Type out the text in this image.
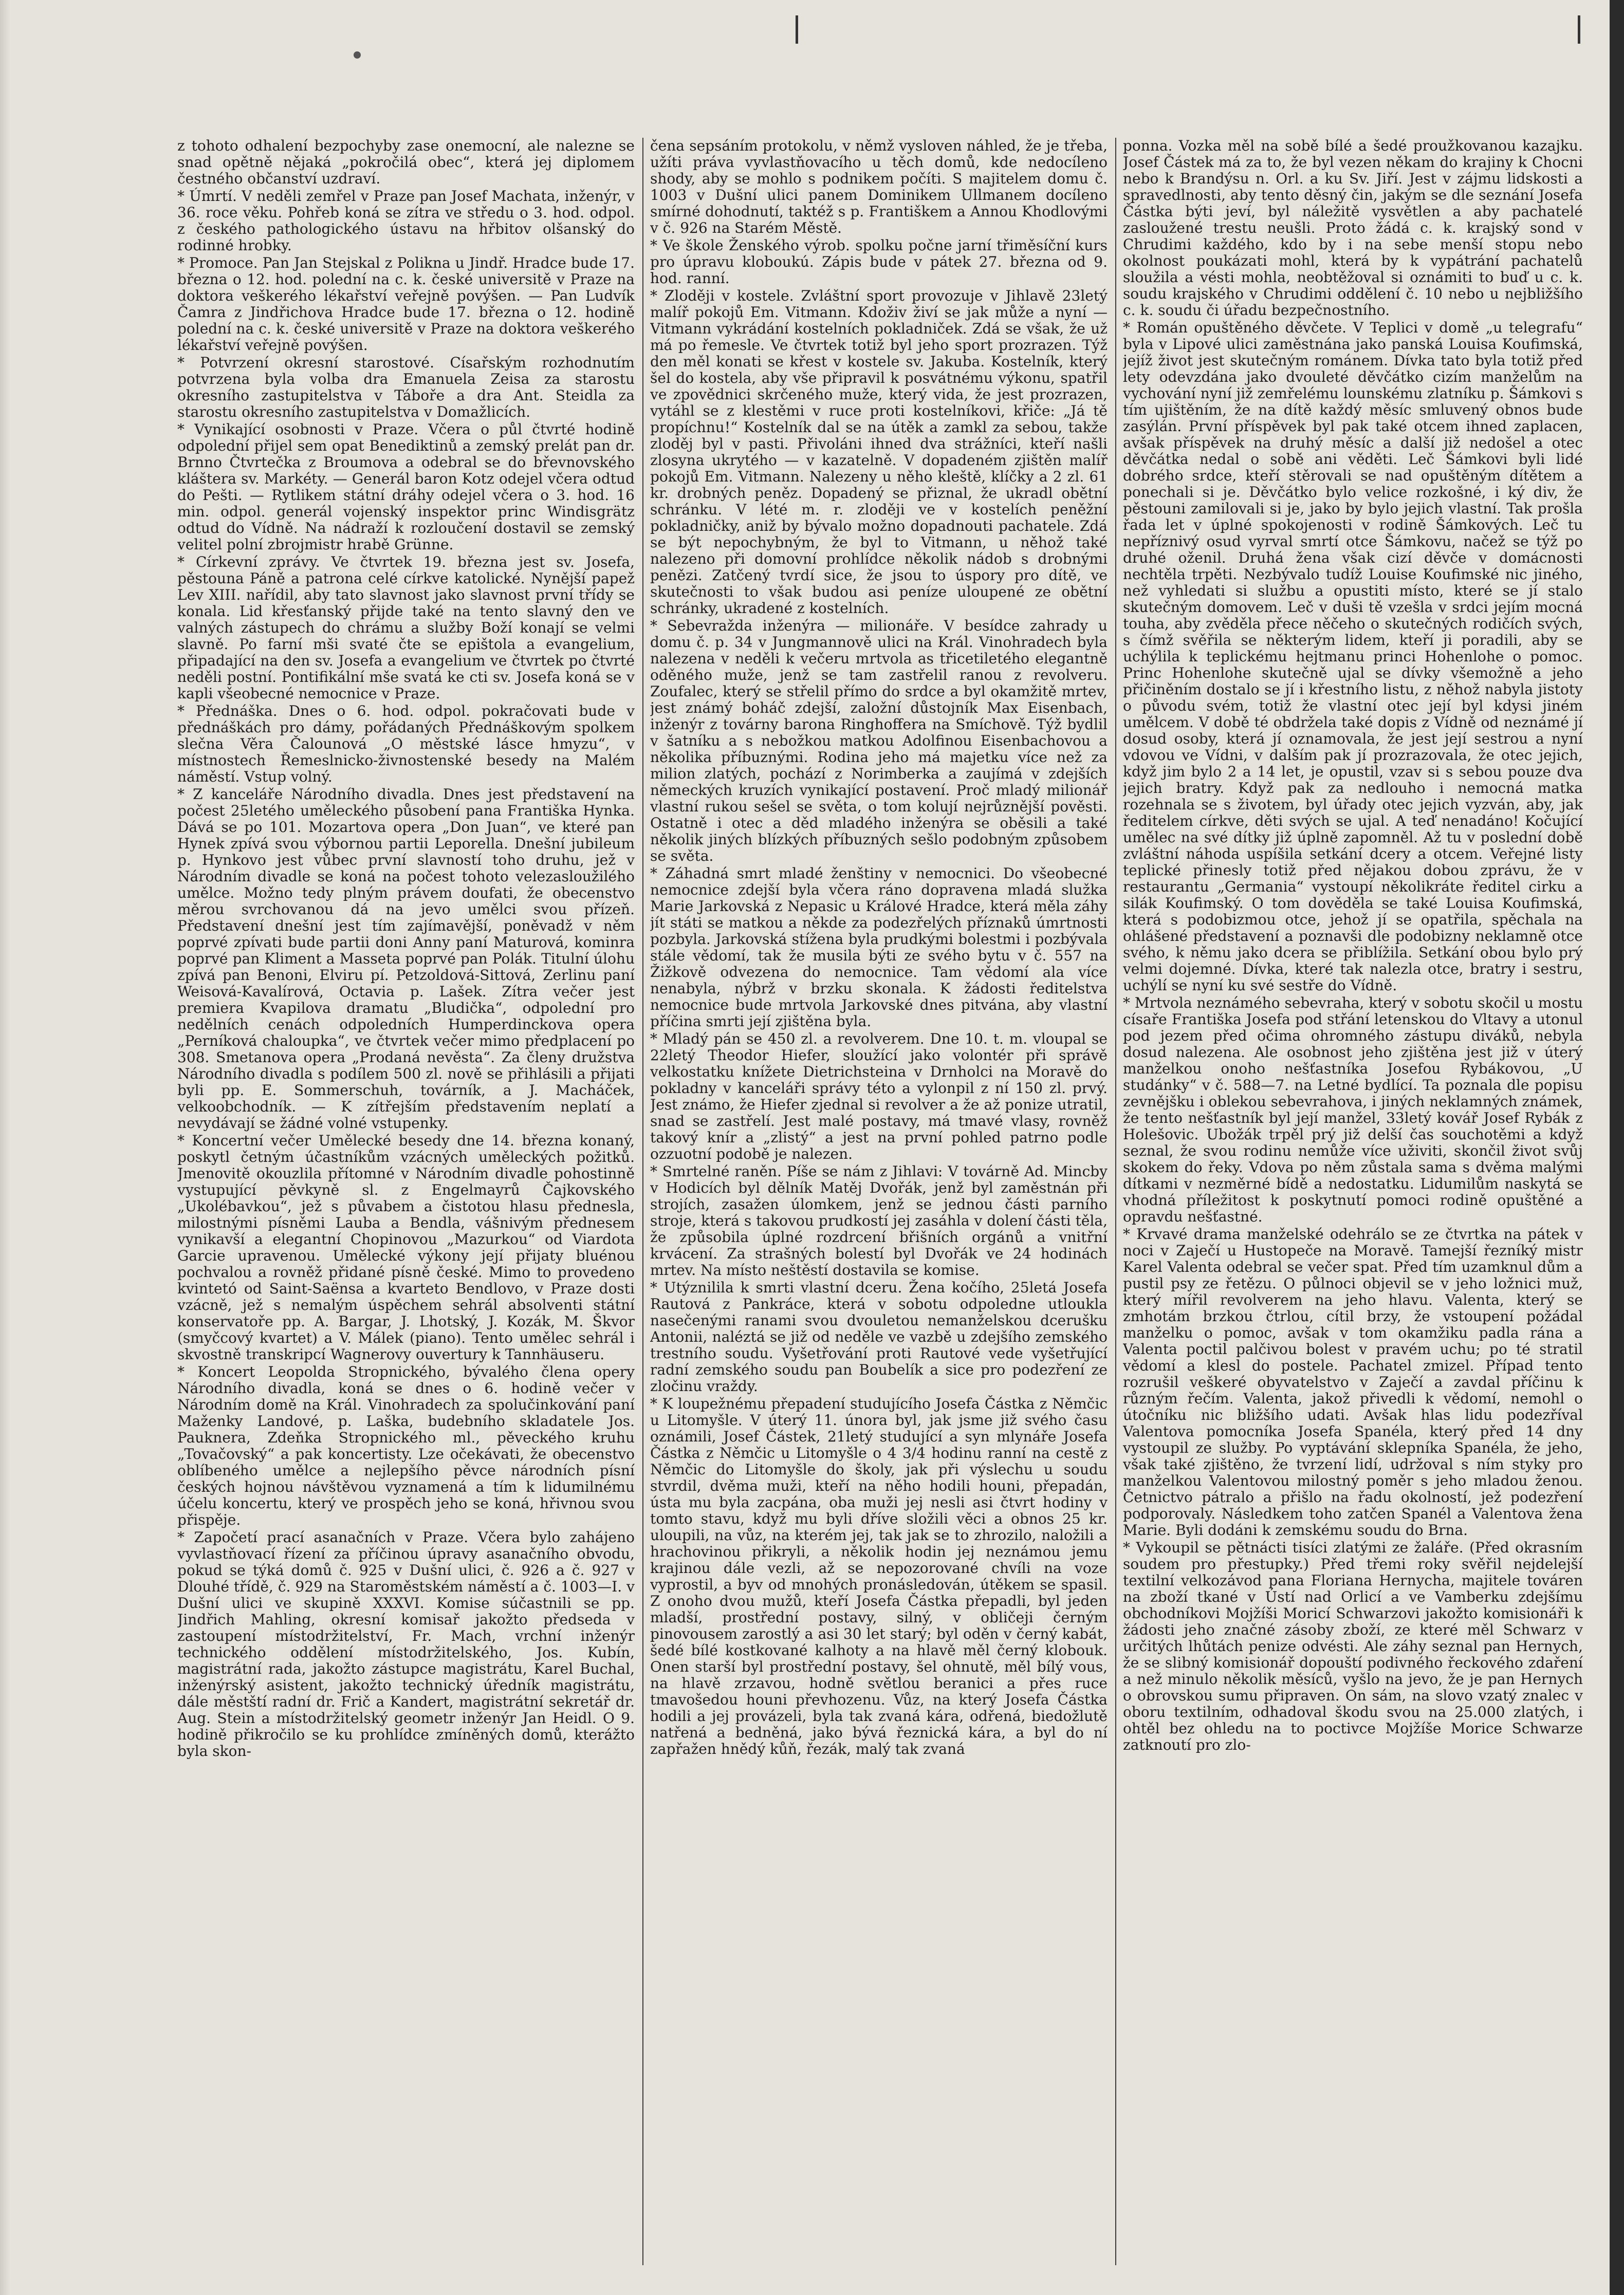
z tohoto odhalení bezpochyby zase onemocní, ale nalezne se snad opětně nějaká „pokročilá obec“, která jej diplomem čestného občanství uzdraví.

* Úmrtí. V neděli zemřel v Praze pan Josef Machata, inženýr, v 36. roce věku. Pohřeb koná se zítra ve středu o 3. hod. odpol. z českého pathologického ústavu na hřbitov olšanský do rodinné hrobky.

* Promoce. Pan Jan Stejskal z Polikna u Jindř. Hradce bude 17. března o 12. hod. polední na c. k. české universitě v Praze na doktora veškerého lékařství veřejně povýšen. — Pan Ludvík Čamra z Jindřichova Hradce bude 17. března o 12. hodině polední na c. k. české universitě v Praze na doktora veškerého lékařství veřejně povýšen.

* Potvrzení okresní starostové. Císařským rozhodnutím potvrzena byla volba dra Emanuela Zeisa za starostu okresního zastupitelstva v Táboře a dra Ant. Steidla za starostu okresního zastupitelstva v Domažlicích.

* Vynikající osobnosti v Praze. Včera o půl čtvrté hodině odpolední přijel sem opat Benediktinů a zemský prelát pan dr. Brnno Čtvrtečka z Broumova a odebral se do břevnovského kláštera sv. Markéty. — Generál baron Kotz odejel včera odtud do Pešti. — Rytlikem státní dráhy odejel včera o 3. hod. 16 min. odpol. generál vojenský inspektor princ Windisgrätz odtud do Vídně. Na nádraží k rozloučení dostavil se zemský velitel polní zbrojmistr hrabě Grünne.

* Církevní zprávy. Ve čtvrtek 19. března jest sv. Josefa, pěstouna Páně a patrona celé církve katolické. Nynější papež Lev XIII. nařídil, aby tato slavnost jako slavnost první třídy se konala. Lid křesťanský přijde také na tento slavný den ve valných zástupech do chrámu a služby Boží konají se velmi slavně. Po farní mši svaté čte se epištola a evangelium, připadající na den sv. Josefa a evangelium ve čtvrtek po čtvrté neděli postní. Pontifikální mše svatá ke cti sv. Josefa koná se v kapli všeobecné nemocnice v Praze.

* Přednáška. Dnes o 6. hod. odpol. pokračovati bude v přednáškách pro dámy, pořádaných Přednáškovým spolkem slečna Věra Čalounová „O městské lásce hmyzu“, v místnostech Řemeslnicko-živnostenské besedy na Malém náměstí. Vstup volný.

* Z kanceláře Národního divadla. Dnes jest představení na počest 25letého uměleckého působení pana Františka Hynka. Dává se po 101. Mozartova opera „Don Juan“, ve které pan Hynek zpívá svou výbornou partii Leporella. Dnešní jubileum p. Hynkovo jest vůbec první slavností toho druhu, jež v Národním divadle se koná na počest tohoto velezasloužilého umělce. Možno tedy plným právem doufati, že obecenstvo měrou svrchovanou dá na jevo umělci svou přízeň. Představení dnešní jest tím zajímavější, poněvadž v něm poprvé zpívati bude partii doni Anny paní Maturová, kominra poprvé pan Kliment a Masseta poprvé pan Polák. Titulní úlohu zpívá pan Benoni, Elviru pí. Petzoldová-Sittová, Zerlinu paní Weisová-Kavalírová, Octavia p. Lašek. Zítra večer jest premiera Kvapilova dramatu „Bludička“, odpolední pro nedělních cenách odpoledních Humperdinckova opera „Perníková chaloupka“, ve čtvrtek večer mimo předplacení po 308. Smetanova opera „Prodaná nevěsta“. Za členy družstva Národního divadla s podílem 500 zl. nově se přihlásili a přijati byli pp. E. Sommerschuh, továrník, a J. Macháček, velkoobchodník. — K zítřejším představením neplatí a nevydávají se žádné volné vstupenky.

* Koncertní večer Umělecké besedy dne 14. března konaný, poskytl četným účastníkům vzácných uměleckých požitků. Jmenovitě okouzlila přítomné v Národním divadle pohostinně vystupující pěvkyně sl. z Engelmayrů Čajkovského „Ukolébavkou“, jež s půvabem a čistotou hlasu přednesla, milostnými písněmi Lauba a Bendla, vášnivým přednesem vynikavší a elegantní Chopinovou „Mazurkou“ od Viardota Garcie upravenou. Umělecké výkony její přijaty bluénou pochvalou a rovněž přidané písně české. Mimo to provedeno kvintetó od Saint-Saënsa a kvarteto Bendlovo, v Praze dosti vzácně, jež s nemalým úspěchem sehrál absolventi státní konservatoře pp. A. Bargar, J. Lhotský, J. Kozák, M. Škvor (smyčcový kvartet) a V. Málek (piano). Tento umělec sehrál i skvostně transkripcí Wagnerovy ouvertury k Tannhäuseru.

* Koncert Leopolda Stropnického, bývalého člena opery Národního divadla, koná se dnes o 6. hodině večer v Národním domě na Král. Vinohradech za spolučinkování paní Maženky Landové, p. Laška, budebního skladatele Jos. Pauknera, Zdeňka Stropnického ml., pěveckého kruhu „Tovačovský“ a pak koncertisty. Lze očekávati, že obecenstvo oblíbeného umělce a nejlepšího pěvce národních písní českých hojnou návštěvou vyznamená a tím k lidumilnému účelu koncertu, který ve prospěch jeho se koná, hřivnou svou přispěje.

* Započetí prací asanačních v Praze. Včera bylo zahájeno vyvlastňovací řízení za příčinou úpravy asanačního obvodu, pokud se týká domů č. 925 v Dušní ulici, č. 926 a č. 927 v Dlouhé třídě, č. 929 na Staroměstském náměstí a č. 1003—I. v Dušní ulici ve skupině XXXVI. Komise súčastnili se pp. Jindřich Mahling, okresní komisař jakožto předseda v zastoupení místodržitelství, Fr. Mach, vrchní inženýr technického oddělení místodržitelského, Jos. Kubín, magistrátní rada, jakožto zástupce magistrátu, Karel Buchal, inženýrský asistent, jakožto technický úředník magistrátu, dále městští radní dr. Frič a Kandert, magistrátní sekretář dr. Aug. Stein a místodržitelský geometr inženýr Jan Heidl. O 9. hodině přikročilo se ku prohlídce zmíněných domů, kterážto byla skon-

čena sepsáním protokolu, v němž vysloven náhled, že je třeba, užíti práva vyvlastňovacího u těch domů, kde nedocíleno shody, aby se mohlo s podnikem počíti. S majitelem domu č. 1003 v Dušní ulici panem Dominikem Ullmanem docíleno smírné dohodnutí, taktéž s p. Františkem a Annou Khodlovými v č. 926 na Starém Městě.

* Ve škole Ženského výrob. spolku počne jarní třiměsíční kurs pro úpravu kloboukú. Zápis bude v pátek 27. března od 9. hod. ranní.

* Zloději v kostele. Zvláštní sport provozuje v Jihlavě 23letý malíř pokojů Em. Vitmann. Kdoživ živí se jak může a nyní — Vitmann vykrádání kostelních pokladniček. Zdá se však, že už má po řemesle. Ve čtvrtek totiž byl jeho sport prozrazen. Týž den měl konati se křest v kostele sv. Jakuba. Kostelník, který šel do kostela, aby vše připravil k posvátnému výkonu, spatřil ve zpovědnici skrčeného muže, který vida, že jest prozrazen, vytáhl se z klestěmi v ruce proti kostelníkovi, křiče: „Já tě propíchnu!“ Kostelník dal se na útěk a zamkl za sebou, takže zloděj byl v pasti. Přivoláni ihned dva strážníci, kteří našli zlosyna ukrytého — v kazatelně. V dopadeném zjištěn malíř pokojů Em. Vitmann. Nalezeny u něho kleště, klíčky a 2 zl. 61 kr. drobných peněz. Dopadený se přiznal, že ukradl obětní schránku. V lété m. r. zloději ve v kostelích peněžní pokladničky, aniž by bývalo možno dopadnouti pachatele. Zdá se být nepochybným, že byl to Vitmann, u něhož také nalezeno při domovní prohlídce několik nádob s drobnými penězi. Zatčený tvrdí sice, že jsou to úspory pro dítě, ve skutečnosti to však budou asi peníze uloupené ze obětní schránky, ukradené z kostelních.

* Sebevražda inženýra — milionáře. V besídce zahrady u domu č. p. 34 v Jungmannově ulici na Král. Vinohradech byla nalezena v neděli k večeru mrtvola as třicetiletého elegantně oděného muže, jenž se tam zastřelil ranou z revolveru. Zoufalec, který se střelil přímo do srdce a byl okamžitě mrtev, jest známý boháč zdejší, založní důstojník Max Eisenbach, inženýr z továrny barona Ringhoffera na Smíchově. Týž bydlil v šatníku a s nebožkou matkou Adolfinou Eisenbachovou a několika příbuznými. Rodina jeho má majetku více než za milion zlatých, pochází z Norimberka a zaujímá v zdejších německých kruzích vynikající postavení. Proč mladý milionář vlastní rukou sešel se světa, o tom kolují nejrůznější pověsti. Ostatně i otec a děd mladého inženýra se oběsili a také několik jiných blízkých příbuzných sešlo podobným způsobem se světa.

* Záhadná smrt mladé ženštiny v nemocnici. Do všeobecné nemocnice zdejší byla včera ráno dopravena mladá služka Marie Jarkovská z Nepasic u Králové Hradce, která měla záhy jít státi se matkou a někde za podezřelých příznaků úmrtnosti pozbyla. Jarkovská stížena byla prudkými bolestmi i pozbývala stále vědomí, tak že musila býti ze svého bytu v č. 557 na Žižkově odvezena do nemocnice. Tam vědomí ala více nenabyla, nýbrž v brzku skonala. K žádosti ředitelstva nemocnice bude mrtvola Jarkovské dnes pitvána, aby vlastní příčina smrti její zjištěna byla.

* Mladý pán se 450 zl. a revolverem. Dne 10. t. m. vloupal se 22letý Theodor Hiefer, sloužící jako volontér při správě velkostatku knížete Dietrichsteina v Drnholci na Moravě do pokladny v kanceláři správy této a vylonpil z ní 150 zl. prvý. Jest známo, že Hiefer zjednal si revolver a že až ponize utratil, snad se zastřelí. Jest malé postavy, má tmavé vlasy, rovněž takový knír a „zlistý“ a jest na první pohled patrno podle ozzuotní podobě je nalezen.

* Smrtelné raněn. Píše se nám z Jihlavi: V továrně Ad. Mincby v Hodicích byl dělník Matěj Dvořák, jenž byl zaměstnán při strojích, zasažen úlomkem, jenž se jednou části parního stroje, která s takovou prudkostí jej zasáhla v dolení části těla, že způsobila úplné rozdrcení břišních orgánů a vnitřní krvácení. Za strašných bolestí byl Dvořák ve 24 hodinách mrtev. Na místo neštěstí dostavila se komise.

* Utýznilila k smrti vlastní dceru. Žena kočího, 25letá Josefa Rautová z Pankráce, která v sobotu odpoledne utloukla nasečenými ranami svou dvouletou nemanželskou dcerušku Antonii, naléztá se již od neděle ve vazbě u zdejšího zemského trestního soudu. Vyšetřování proti Rautové vede vyšetřující radní zemského soudu pan Boubelík a sice pro podezření ze zločinu vraždy.

* K loupežnému přepadení studujícího Josefa Částka z Němčic u Litomyšle. V úterý 11. února byl, jak jsme již svého času oznámili, Josef Částek, 21letý studující a syn mlynáře Josefa Částka z Němčic u Litomyšle o 4 3/4 hodinu ranní na cestě z Němčic do Litomyšle do školy, jak při výslechu u soudu stvrdil, dvěma muži, kteří na něho hodili houni, přepadán, ústa mu byla zacpána, oba muži jej nesli asi čtvrt hodiny v tomto stavu, když mu byli dříve složili věci a obnos 25 kr. uloupili, na vůz, na kterém jej, tak jak se to zhrozilo, naložili a hrachovinou přikryli, a několik hodin jej neznámou jemu krajinou dále vezli, až se nepozorované chvíli na voze vyprostil, a byv od mnohých pronásledován, útěkem se spasil. Z onoho dvou mužů, kteří Josefa Částka přepadli, byl jeden mladší, prostřední postavy, silný, v obličeji černým pinovousem zarostlý a asi 30 let starý; byl oděn v černý kabát, šedé bílé kostkované kalhoty a na hlavě měl černý klobouk. Onen starší byl prostřední postavy, šel ohnutě, měl bílý vous, na hlavě zrzavou, hodně světlou beranici a přes ruce tmavošedou houni převhozenu. Vůz, na který Josefa Částka hodili a jej provázeli, byla tak zvaná kára, odřená, biedožlutě natřená a bedněná, jako bývá řeznická kára, a byl do ní zapřažen hnědý kůň, řezák, malý tak zvaná

ponna. Vozka měl na sobě bílé a šedé proužkovanou kazajku. Josef Částek má za to, že byl vezen někam do krajiny k Chocni nebo k Brandýsu n. Orl. a ku Sv. Jiří. Jest v zájmu lidskosti a spravedlnosti, aby tento děsný čin, jakým se dle seznání Josefa Částka býti jeví, byl náležitě vysvětlen a aby pachatelé zasloužené trestu neušli. Proto žádá c. k. krajský sond v Chrudimi každého, kdo by i na sebe menší stopu nebo okolnost poukázati mohl, která by k vypátrání pachatelů sloužila a vésti mohla, neobtěžoval si oznámiti to buď u c. k. soudu krajského v Chrudimi oddělení č. 10 nebo u nejbližšího c. k. soudu či úřadu bezpečnostního.

* Román opuštěného děvčete. V Teplici v domě „u telegrafu“ byla v Lipové ulici zaměstnána jako panská Louisa Koufimská, jejíž život jest skutečným románem. Dívka tato byla totiž před lety odevzdána jako dvouleté děvčátko cizím manželům na vychování nyní již zemřelému lounskému zlatníku p. Šámkovi s tím ujištěním, že na dítě každý měsíc smluvený obnos bude zasýlán. První příspěvek byl pak také otcem ihned zaplacen, avšak příspěvek na druhý měsíc a další již nedošel a otec děvčátka nedal o sobě ani věděti. Leč Šámkovi byli lidé dobrého srdce, kteří stěrovali se nad opuštěným dítětem a ponechali si je. Děvčátko bylo velice rozkošné, i ký div, že pěstouni zamilovali si je, jako by bylo jejich vlastní. Tak prošla řada let v úplné spokojenosti v rodině Šámkových. Leč tu nepříznivý osud vyrval smrtí otce Šámkovu, načež se týž po druhé oženil. Druhá žena však cizí děvče v domácnosti nechtěla trpěti. Nezbývalo tudíž Louise Koufimské nic jiného, než vyhledati si službu a opustiti místo, které se jí stalo skutečným domovem. Leč v duši tě vzešla v srdci jejím mocná touha, aby zvěděla přece něčeho o skutečných rodičích svých, s čímž svěřila se některým lidem, kteří ji poradili, aby se uchýlila k teplickému hejtmanu princi Hohenlohe o pomoc. Princ Hohenlohe skutečně ujal se dívky všemožně a jeho přičiněním dostalo se jí i křestního listu, z něhož nabyla jistoty o původu svém, totiž že vlastní otec její byl kdysi jiném umělcem. V době té obdržela také dopis z Vídně od neznámé jí dosud osoby, která jí oznamovala, že jest její sestrou a nyní vdovou ve Vídni, v dalším pak jí prozrazovala, že otec jejich, když jim bylo 2 a 14 let, je opustil, vzav si s sebou pouze dva jejich bratry. Když pak za nedlouho i nemocná matka rozehnala se s životem, byl úřady otec jejich vyzván, aby, jak ředitelem církve, děti svých se ujal. A teď nenadáno! Kočující umělec na své dítky již úplně zapomněl. Až tu v poslední době zvláštní náhoda uspíšila setkání dcery a otcem. Veřejné listy teplické přinesly totiž před nějakou dobou zprávu, že v restaurantu „Germania“ vystoupí několikráte ředitel cirku a silák Koufimský. O tom dověděla se také Louisa Koufimská, která s podobizmou otce, jehož jí se opatřila, spěchala na ohlášené představení a poznavši dle podobizny neklamně otce svého, k němu jako dcera se přiblížila. Setkání obou bylo prý velmi dojemné. Dívka, které tak nalezla otce, bratry i sestru, uchýlí se nyní ku své sestře do Vídně.

* Mrtvola neznámého sebevraha, který v sobotu skočil u mostu císaře Františka Josefa pod střání letenskou do Vltavy a utonul pod jezem před očima ohromného zástupu diváků, nebyla dosud nalezena. Ale osobnost jeho zjištěna jest již v úterý manželkou onoho nešťastníka Josefou Rybákovou, „U studánky“ v č. 588—7. na Letné bydlící. Ta poznala dle popisu zevnějšku i oblekou sebevrahova, i jiných neklamných známek, že tento nešťastník byl její manžel, 33letý kovář Josef Rybák z Holešovic. Ubožák trpěl prý již delší čas souchotěmi a když seznal, že svou rodinu nemůže více uživiti, skončil život svůj skokem do řeky. Vdova po něm zůstala sama s dvěma malými dítkami v nezměrné bídě a nedostatku. Lidumilům naskytá se vhodná příležitost k poskytnutí pomoci rodině opuštěné a opravdu nešťastné.

* Krvavé drama manželské odehrálo se ze čtvrtka na pátek v noci v Zaječí u Hustopeče na Moravě. Tamejší řezníký mistr Karel Valenta odebral se večer spat. Před tím uzamknul dům a pustil psy ze řetězu. O půlnoci objevil se v jeho ložnici muž, který mířil revolverem na jeho hlavu. Valenta, který se zmhotám brzkou čtrlou, cítil brzy, že vstoupení požádal manželku o pomoc, avšak v tom okamžiku padla rána a Valenta poctil palčivou bolest v pravém uchu; po té stratil vědomí a klesl do postele. Pachatel zmizel. Případ tento rozrušil veškeré obyvatelstvo v Zaječí a zavdal příčinu k různým řečím. Valenta, jakož přivedli k vědomí, nemohl o útočníku nic bližšího udati. Avšak hlas lidu podezříval Valentova pomocníka Josefa Spanéla, který před 14 dny vystoupil ze služby. Po vyptávání sklepníka Spanéla, že jeho, však také zjištěno, že tvrzení lidí, udržoval s ním styky pro manželkou Valentovou milostný poměr s jeho mladou ženou. Četnictvo pátralo a přišlo na řadu okolností, jež podezření podporovaly. Následkem toho zatčen Spanél a Valentova žena Marie. Byli dodáni k zemskému soudu do Brna.

* Vykoupil se pětnácti tisíci zlatými ze žaláře. (Před okrasním soudem pro přestupky.) Před třemi roky svěřil nejdelejší textilní velkozávod pana Floriana Hernycha, majitele továren na zboží tkané v Ústí nad Orlicí a ve Vamberku zdejšímu obchodníkovi Mojžíši Moricí Schwarzovi jakožto komisionáři k žádosti jeho značné zásoby zboží, ze které měl Schwarz v určitých lhůtách penize odvésti. Ale záhy seznal pan Hernych, že se slibný komisionář dopouští podivného řeckového zdaření a než minulo několik měsíců, vyšlo na jevo, že je pan Hernych o obrovskou sumu připraven. On sám, na slovo vzatý znalec v oboru textilním, odhadoval škodu svou na 25.000 zlatých, i ohtěl bez ohledu na to poctivce Mojžíše Morice Schwarze zatknoutí pro zlo-
